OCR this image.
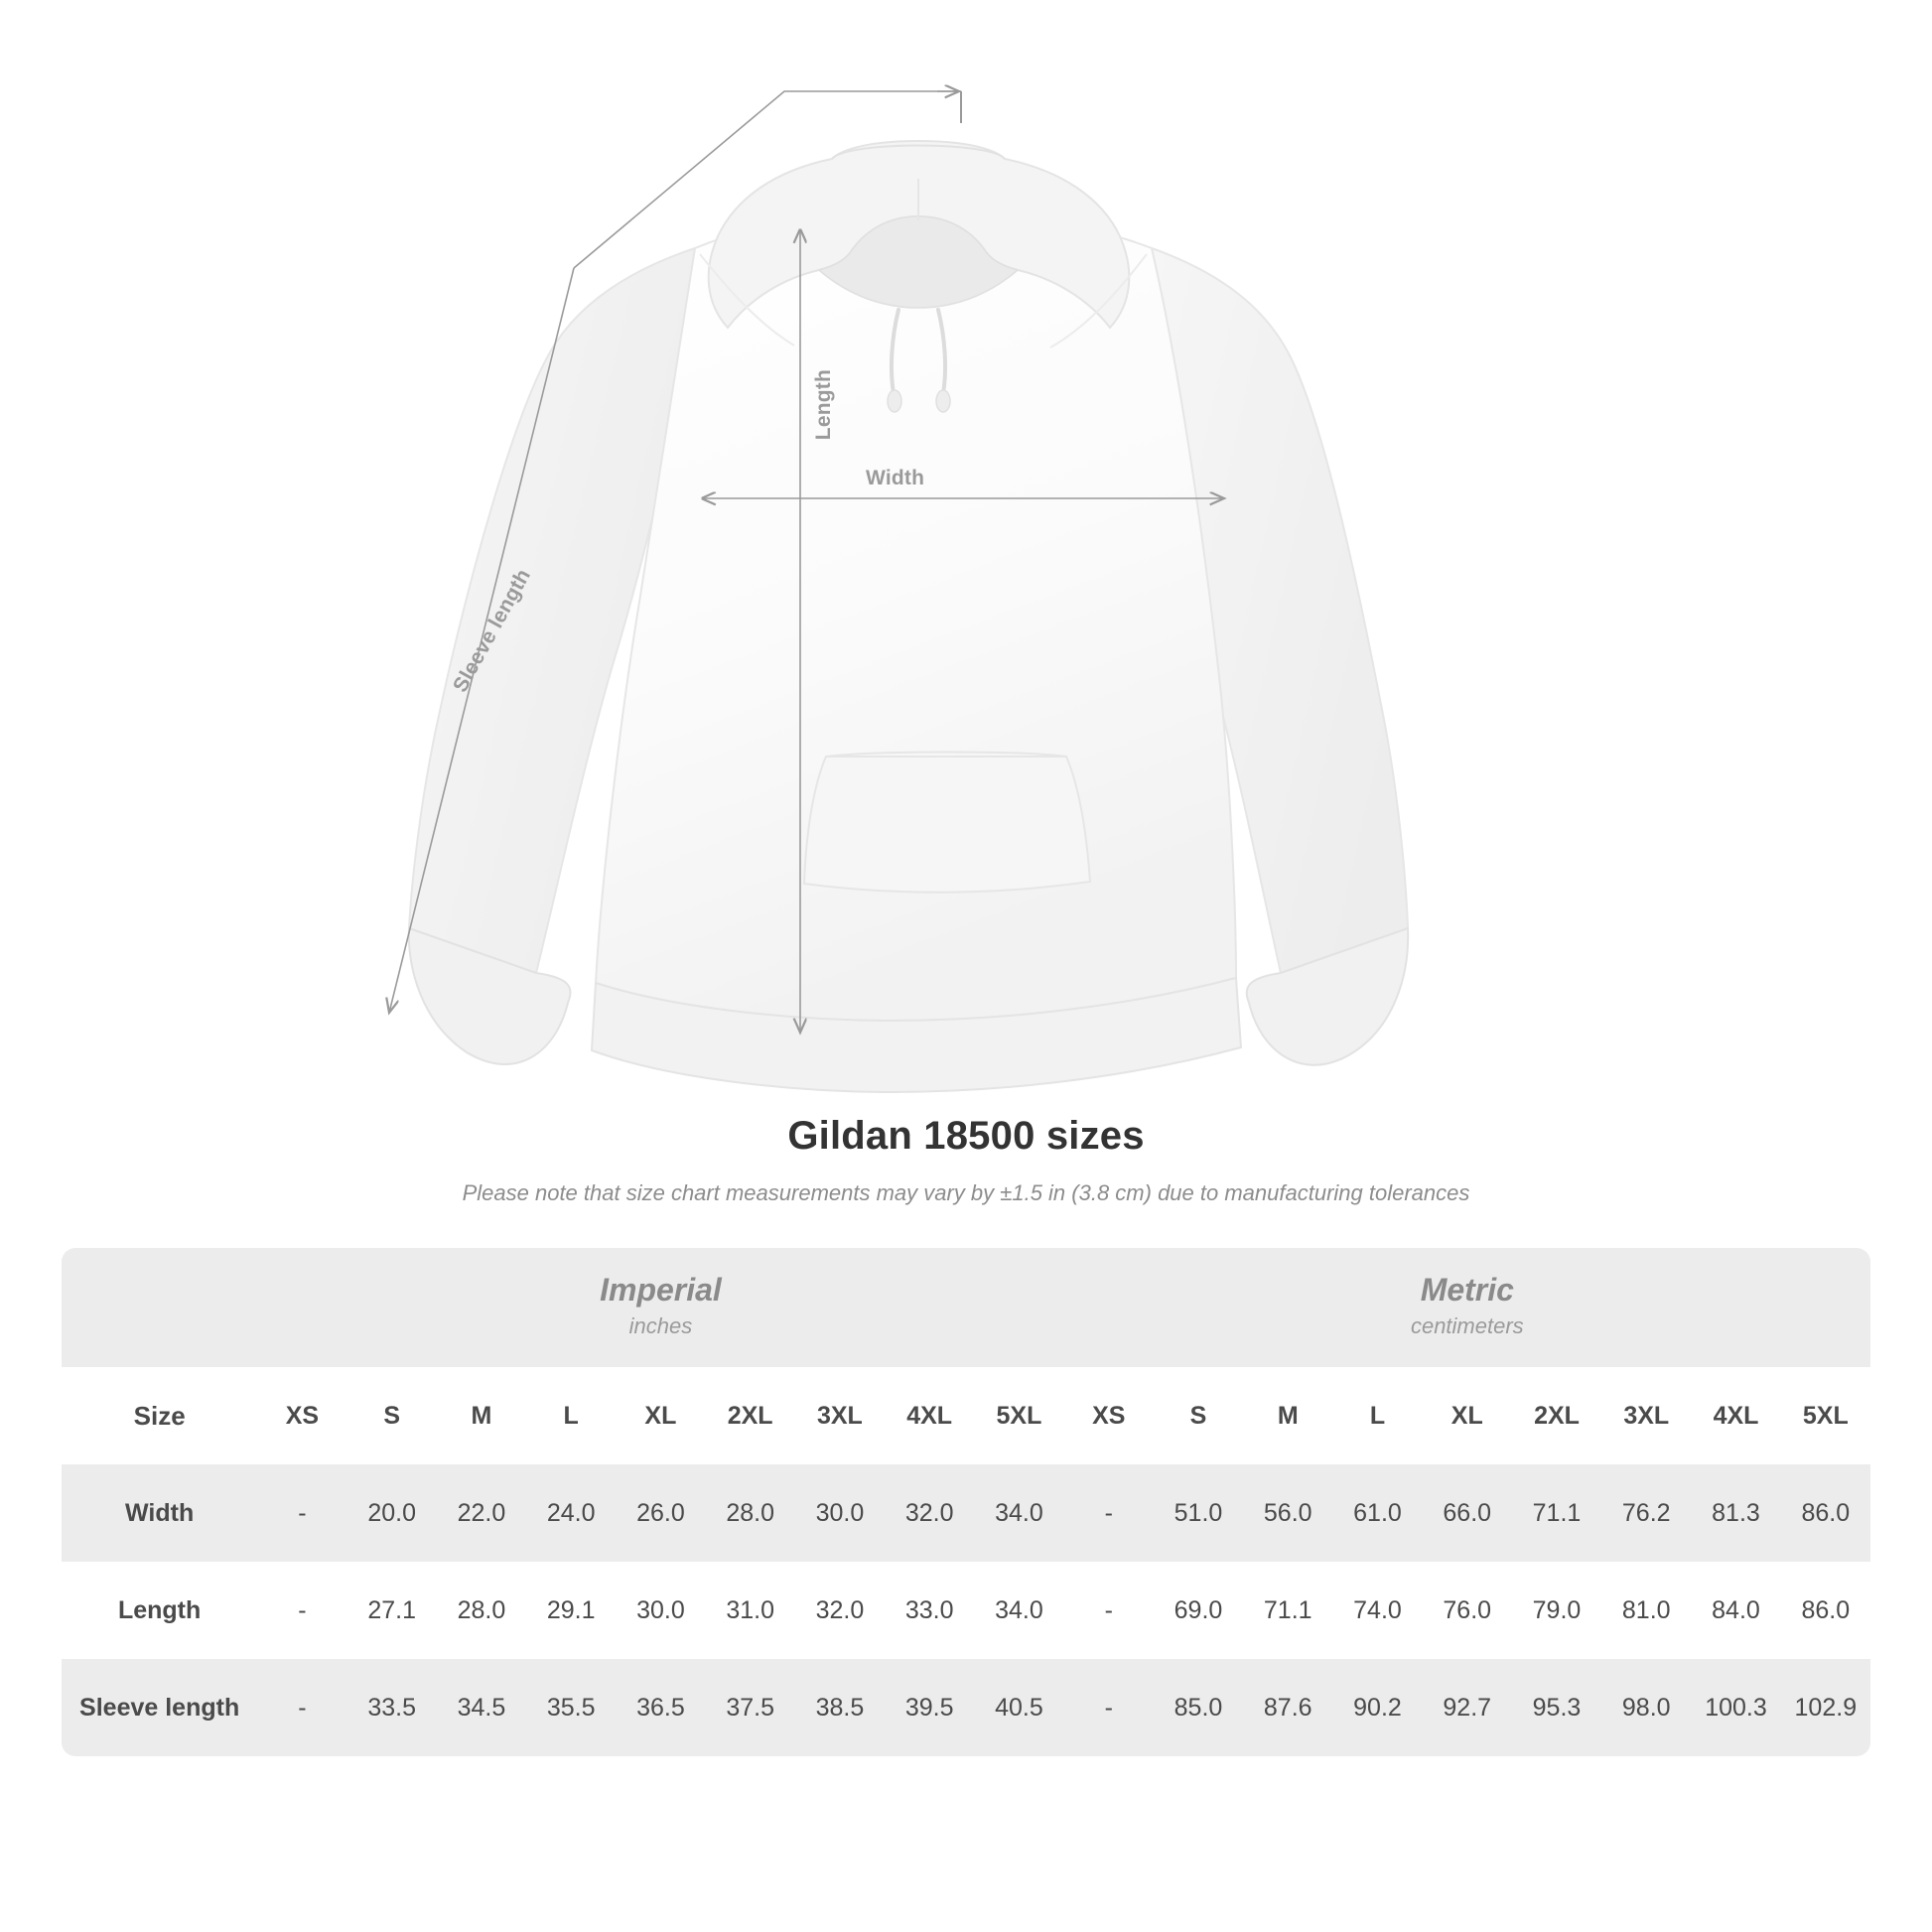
Length
Width
Sleeve length
Gildan 18500 sizes
Please note that size chart measurements may vary by ±1.5 in (3.8 cm) due to manufacturing tolerances

Imperial
inches

Metric
centimeters

Size	XS	S	M	L	XL	2XL	3XL	4XL	5XL	XS	S	M	L	XL	2XL	3XL	4XL	5XL
Width	-	20.0	22.0	24.0	26.0	28.0	30.0	32.0	34.0	-	51.0	56.0	61.0	66.0	71.1	76.2	81.3	86.0
Length	-	27.1	28.0	29.1	30.0	31.0	32.0	33.0	34.0	-	69.0	71.1	74.0	76.0	79.0	81.0	84.0	86.0
Sleeve length	-	33.5	34.5	35.5	36.5	37.5	38.5	39.5	40.5	-	85.0	87.6	90.2	92.7	95.3	98.0	100.3	102.9
